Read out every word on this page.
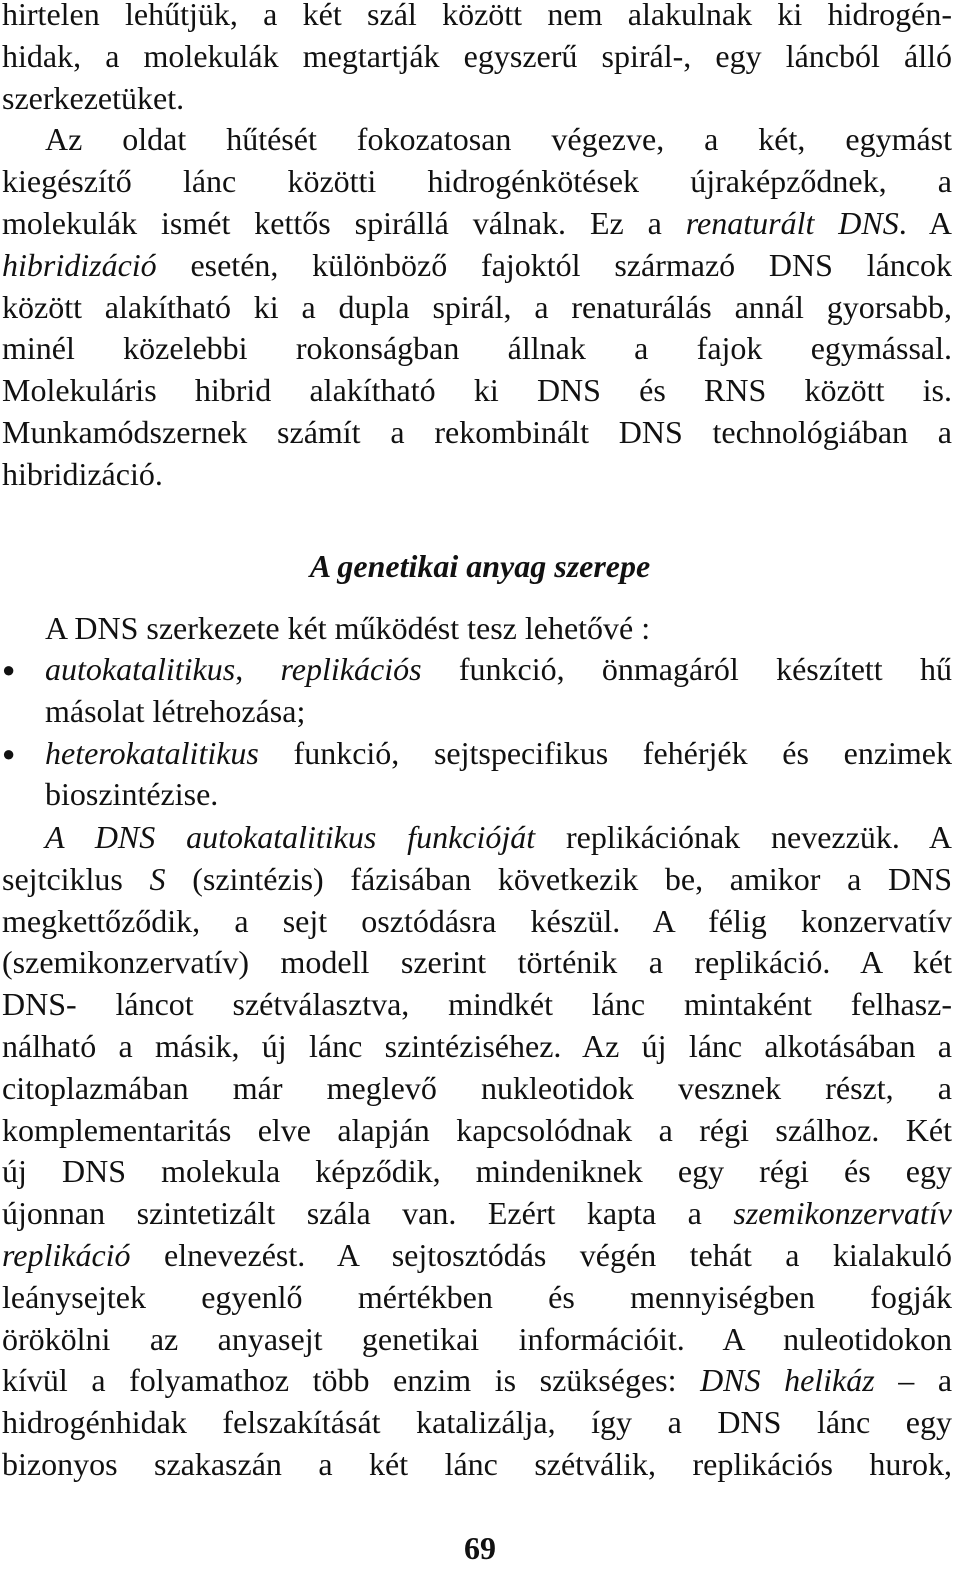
hirtelen lehűtjük, a két szál között nem alakulnak ki hidrogén-
hidak, a molekulák megtartják egyszerű spirál-, egy láncból álló
szerkezetüket.
Az oldat hűtését fokozatosan végezve, a két, egymást
kiegészítő lánc közötti hidrogénkötések újraképződnek, a
molekulák ismét kettős spirállá válnak. Ez a renaturált DNS. A
hibridizáció esetén, különböző fajoktól származó DNS láncok
között alakítható ki a dupla spirál, a renaturálás annál gyorsabb,
minél közelebbi rokonságban állnak a fajok egymással.
Molekuláris hibrid alakítható ki DNS és RNS között is.
Munkamódszernek számít a rekombinált DNS technológiában a
hibridizáció.
A genetikai anyag szerepe
A DNS szerkezete két működést tesz lehetővé :
● autokatalitikus, replikációs funkció, önmagáról készített hű
másolat létrehozása;
● heterokatalitikus funkció, sejtspecifikus fehérjék és enzimek
bioszintézise.
A DNS autokatalitikus funkcióját replikációnak nevezzük. A
sejtciklus S (szintézis) fázisában következik be, amikor a DNS
megkettőződik, a sejt osztódásra készül. A félig konzervatív
(szemikonzervatív) modell szerint történik a replikáció. A két
DNS- láncot szétválasztva, mindkét lánc mintaként felhasz-
nálható a másik, új lánc szintéziséhez. Az új lánc alkotásában a
citoplazmában már meglevő nukleotidok vesznek részt, a
komplementaritás elve alapján kapcsolódnak a régi szálhoz. Két
új DNS molekula képződik, mindeniknek egy régi és egy
újonnan szintetizált szála van. Ezért kapta a szemikonzervatív
replikáció elnevezést. A sejtosztódás végén tehát a kialakuló
leánysejtek egyenlő mértékben és mennyiségben fogják
örökölni az anyasejt genetikai információit. A nuleotidokon
kívül a folyamathoz több enzim is szükséges: DNS helikáz – a
hidrogénhidak felszakítását katalizálja, így a DNS lánc egy
bizonyos szakaszán a két lánc szétválik, replikációs hurok,
69
